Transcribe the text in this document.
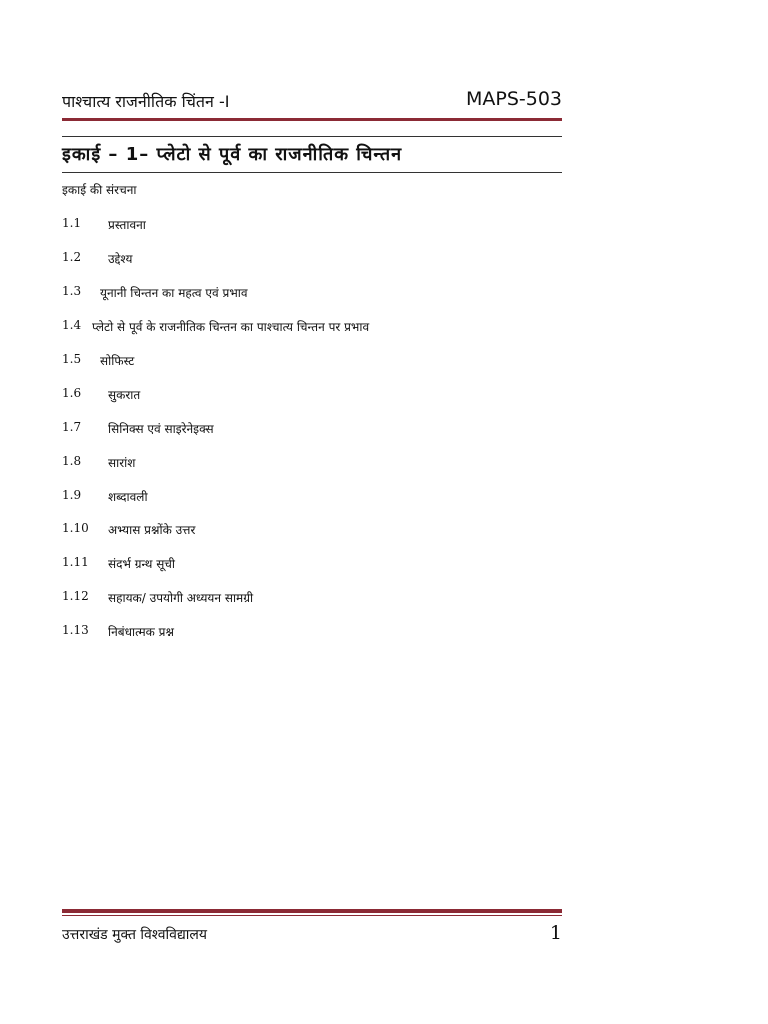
पाश्चात्य राजनीतिक चिंतन -I	MAPS-503
इकाई – 1– प्लेटो से पूर्व का राजनीतिक चिन्तन
इकाई की संरचना
1.1 प्रस्तावना
1.2 उद्देश्य
1.3 यूनानी चिन्तन का महत्व एवं प्रभाव
1.4 प्लेटो से पूर्व के राजनीतिक चिन्तन का पाश्चात्य चिन्तन पर प्रभाव
1.5 सोफिस्ट
1.6 सुकरात
1.7 सिनिक्स एवं साइरेनेइक्स
1.8 सारांश
1.9 शब्दावली
1.10 अभ्यास प्रश्नोंके उत्तर
1.11 संदर्भ ग्रन्थ सूची
1.12 सहायक/ उपयोगी अध्ययन सामग्री
1.13 निबंधात्मक प्रश्न
उत्तराखंड मुक्त विश्वविद्यालय	1
